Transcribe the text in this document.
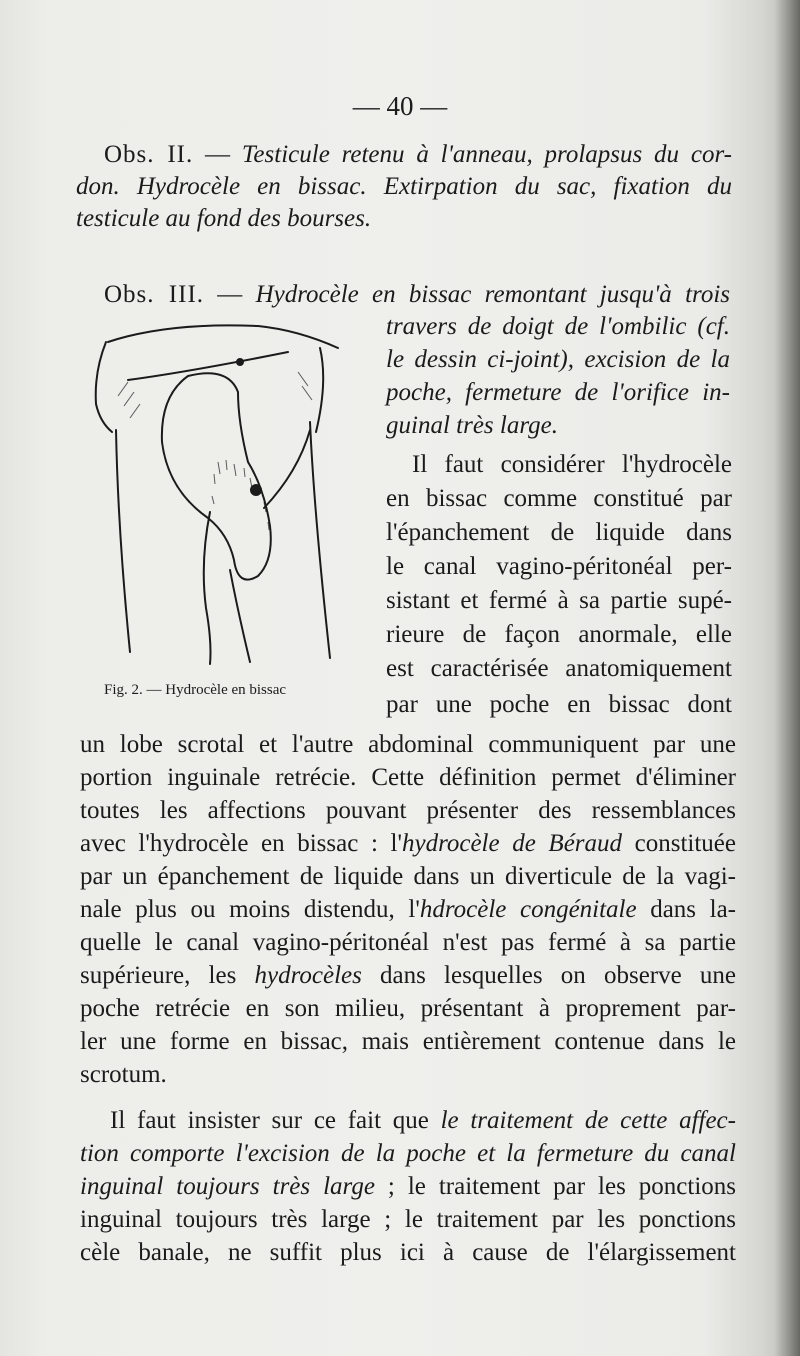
— 40 —
Obs. II. — Testicule retenu à l'anneau, prolapsus du cor-
don. Hydrocèle en bissac. Extirpation du sac, fixation du
testicule au fond des bourses.
Obs. III. — Hydrocèle en bissac remontant jusqu'à trois
travers de doigt de l'ombilic (cf.
le dessin ci-joint), excision de la
poche, fermeture de l'orifice in-
guinal très large.
Il faut considérer l'hydrocèle
en bissac comme constitué par
l'épanchement de liquide dans
le canal vagino-péritonéal per-
sistant et fermé à sa partie supé-
rieure de façon anormale, elle
est caractérisée anatomiquement
par une poche en bissac dont
un lobe scrotal et l'autre abdominal communiquent par une
portion inguinale retrécie. Cette définition permet d'éliminer
toutes les affections pouvant présenter des ressemblances
avec l'hydrocèle en bissac : l'hydrocèle de Béraud constituée
par un épanchement de liquide dans un diverticule de la vagi-
nale plus ou moins distendu, l'hdrocèle congénitale dans la-
quelle le canal vagino-péritonéal n'est pas fermé à sa partie
supérieure, les hydrocèles dans lesquelles on observe une
poche retrécie en son milieu, présentant à proprement par-
ler une forme en bissac, mais entièrement contenue dans le
scrotum.
Il faut insister sur ce fait que le traitement de cette affec-
tion comporte l'excision de la poche et la fermeture du canal
inguinal toujours très large ; le traitement par les ponctions
inguinal toujours très large ; le traitement par les ponctions
cèle banale, ne suffit plus ici à cause de l'élargissement
Fig. 2. — Hydrocèle en bissac
